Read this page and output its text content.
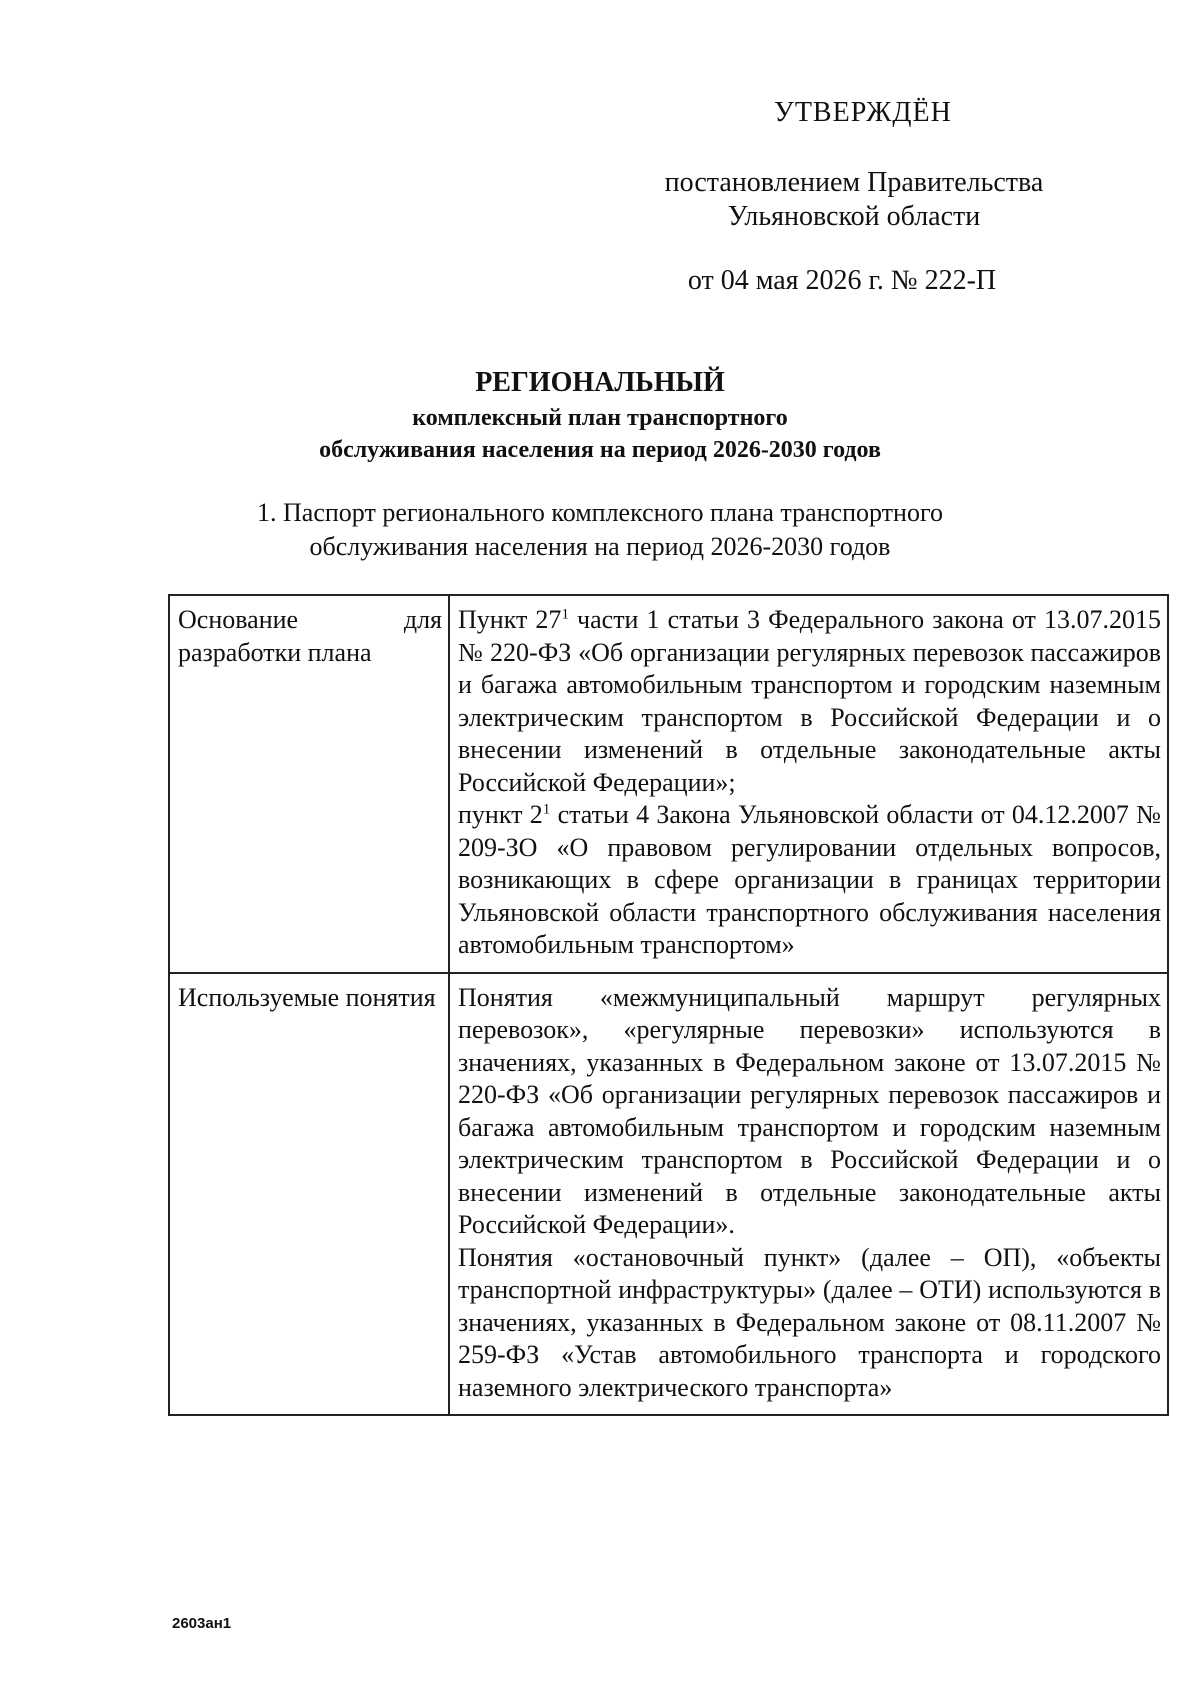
УТВЕРЖДЁН
постановлением Правительства
Ульяновской области
от 04 мая 2026 г. № 222-П
РЕГИОНАЛЬНЫЙ
комплексный план транспортного
обслуживания населения на период 2026-2030 годов
1. Паспорт регионального комплексного плана транспортного
обслуживания населения на период 2026-2030 годов
Основание для разработки плана	Пункт $27^1$ части 1 статьи 3 Федерального закона от 13.07.2015 № 220-ФЗ «Об организации регулярных перевозок пассажиров и багажа автомобильным транспортом и городским наземным электрическим транспортом в Российской Федерации и о внесении изменений в отдельные законодательные акты Российской Федерации»;

пункт $2^1$ статьи 4 Закона Ульяновской области от 04.12.2007 № 209-ЗО «О правовом регулировании отдельных вопросов, возникающих в сфере организации в границах территории Ульяновской области транспортного обслуживания населения автомобильным транспортом»

Используемые понятия	Понятия «межмуниципальный маршрут регулярных перевозок», «регулярные перевозки» используются в значениях, указанных в Федеральном законе от 13.07.2015 № 220-ФЗ «Об организации регулярных перевозок пассажиров и багажа автомобильным транспортом и городским наземным электрическим транспортом в Российской Федерации и о внесении изменений в отдельные законодательные акты Российской Федерации».

Понятия «остановочный пункт» (далее – ОП), «объекты транспортной инфраструктуры» (далее – ОТИ) используются в значениях, указанных в Федеральном законе от 08.11.2007 № 259-ФЗ «Устав автомобильного транспорта и городского наземного электрического транспорта»

2603ан1
